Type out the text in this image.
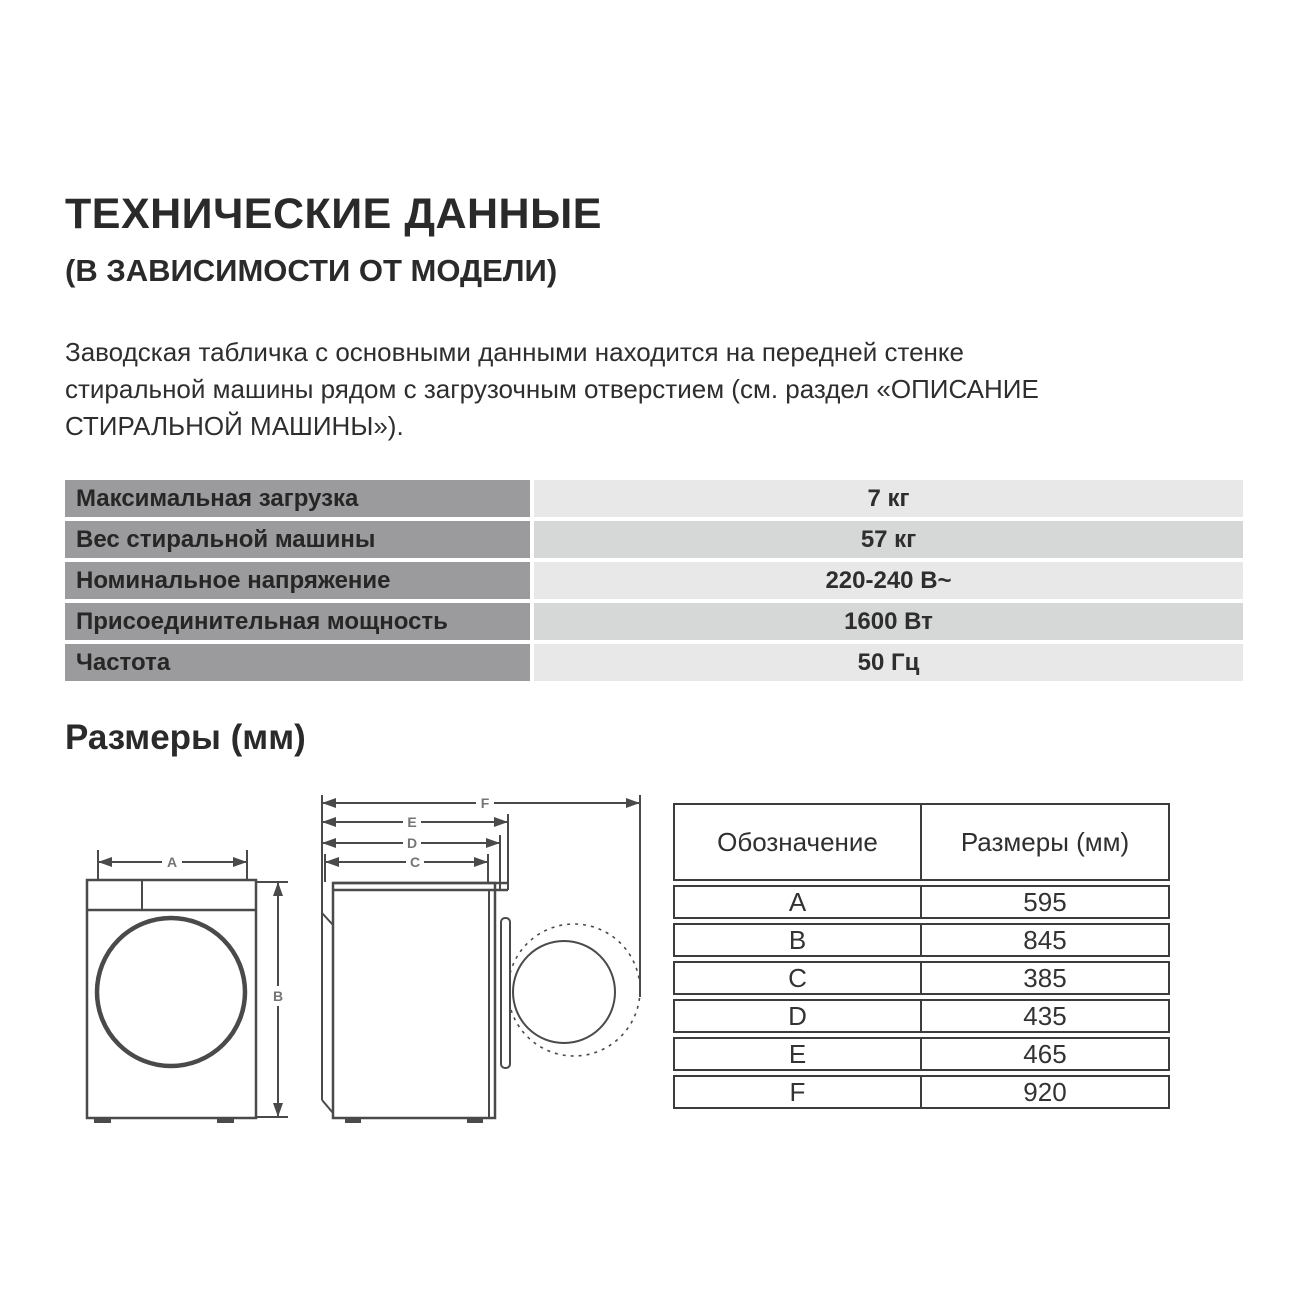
ТЕХНИЧЕСКИЕ ДАННЫЕ
(В ЗАВИСИМОСТИ ОТ МОДЕЛИ)
Заводская табличка с основными данными находится на передней стенке
стиральной машины рядом с загрузочным отверстием (см. раздел «ОПИСАНИЕ
СТИРАЛЬНОЙ МАШИНЫ»).
Максимальная загрузка	7 кг
Вес стиральной машины	57 кг
Номинальное напряжение	220-240 В~
Присоединительная мощность	1600 Вт
Частота	50 Гц
Размеры (мм)
A
B
F
E
D
C
Обозначение	Размеры (мм)
A	595
B	845
C	385
D	435
E	465
F	920
